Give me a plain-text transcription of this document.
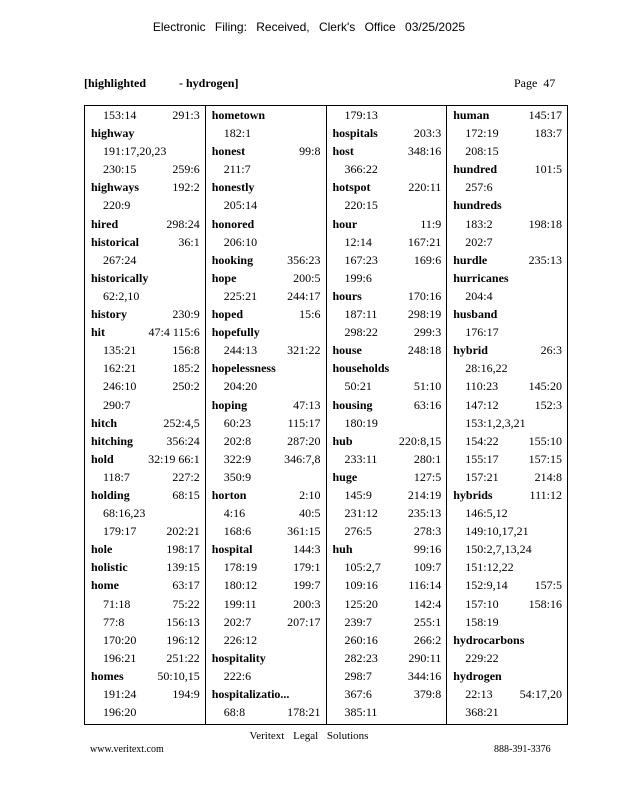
Electronic Filing: Received, Clerk's Office 03/25/2025
[highlighted           - hydrogen]	Page  47
153:14	291:3
highway
191:17,20,23
230:15	259:6
highways	192:2
220:9
hired	298:24
historical	36:1
267:24
historically
62:2,10
history	230:9
hit	47:4 115:6
135:21	156:8
162:21	185:2
246:10	250:2
290:7
hitch	252:4,5
hitching	356:24
hold	32:19 66:1
118:7	227:2
holding	68:15
68:16,23
179:17	202:21
hole	198:17
holistic	139:15
home	63:17
71:18	75:22
77:8	156:13
170:20	196:12
196:21	251:22
homes	50:10,15
191:24	194:9
196:20
hometown
182:1
honest	99:8
211:7
honestly
205:14
honored
206:10
hooking	356:23
hope	200:5
225:21	244:17
hoped	15:6
hopefully
244:13	321:22
hopelessness
204:20
hoping	47:13
60:23	115:17
202:8	287:20
322:9	346:7,8
350:9
horton	2:10
4:16	40:5
168:6	361:15
hospital	144:3
178:19	179:1
180:12	199:7
199:11	200:3
202:7	207:17
226:12
hospitality
222:6
hospitalizatio...
68:8	178:21
179:13
hospitals	203:3
host	348:16
366:22
hotspot	220:11
220:15
hour	11:9
12:14	167:21
167:23	169:6
199:6
hours	170:16
187:11	298:19
298:22	299:3
house	248:18
households
50:21	51:10
housing	63:16
180:19
hub	220:8,15
233:11	280:1
huge	127:5
145:9	214:19
231:12	235:13
276:5	278:3
huh	99:16
105:2,7	109:7
109:16	116:14
125:20	142:4
239:7	255:1
260:16	266:2
282:23	290:11
298:7	344:16
367:6	379:8
385:11
human	145:17
172:19	183:7
208:15
hundred	101:5
257:6
hundreds
183:2	198:18
202:7
hurdle	235:13
hurricanes
204:4
husband
176:17
hybrid	26:3
28:16,22
110:23	145:20
147:12	152:3
153:1,2,3,21
154:22	155:10
155:17	157:15
157:21	214:8
hybrids	111:12
146:5,12
149:10,17,21
150:2,7,13,24
151:12,22
152:9,14 157:5
157:10	158:16
158:19
hydrocarbons
229:22
hydrogen
22:13 54:17,20
368:21
Veritext Legal Solutions
www.veritext.com	888-391-3376
